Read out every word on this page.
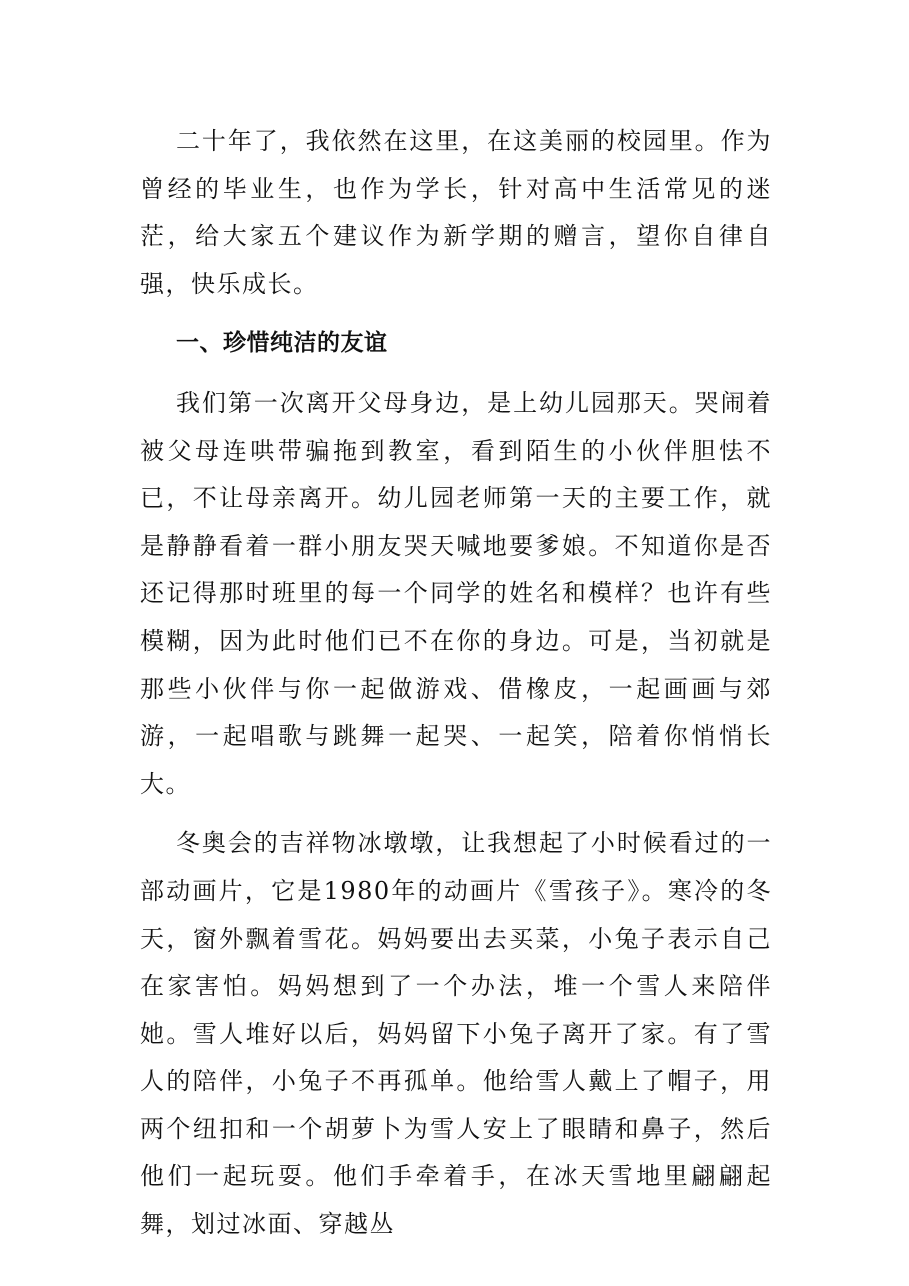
二十年了，我依然在这里，在这美丽的校园里。作为曾经的毕业生，也作为学长，针对高中生活常见的迷茫，给大家五个建议作为新学期的赠言，望你自律自强，快乐成长。

一、珍惜纯洁的友谊

我们第一次离开父母身边，是上幼儿园那天。哭闹着被父母连哄带骗拖到教室，看到陌生的小伙伴胆怯不已，不让母亲离开。幼儿园老师第一天的主要工作，就是静静看着一群小朋友哭天喊地要爹娘。不知道你是否还记得那时班里的每一个同学的姓名和模样？也许有些模糊，因为此时他们已不在你的身边。可是，当初就是那些小伙伴与你一起做游戏、借橡皮，一起画画与郊游，一起唱歌与跳舞一起哭、一起笑，陪着你悄悄长大。

冬奥会的吉祥物冰墩墩，让我想起了小时候看过的一部动画片，它是1980年的动画片《雪孩子》。寒冷的冬天，窗外飘着雪花。妈妈要出去买菜，小兔子表示自己在家害怕。妈妈想到了一个办法，堆一个雪人来陪伴她。雪人堆好以后，妈妈留下小兔子离开了家。有了雪人的陪伴，小兔子不再孤单。他给雪人戴上了帽子，用两个纽扣和一个胡萝卜为雪人安上了眼睛和鼻子，然后他们一起玩耍。他们手牵着手，在冰天雪地里翩翩起舞，划过冰面、穿越丛
